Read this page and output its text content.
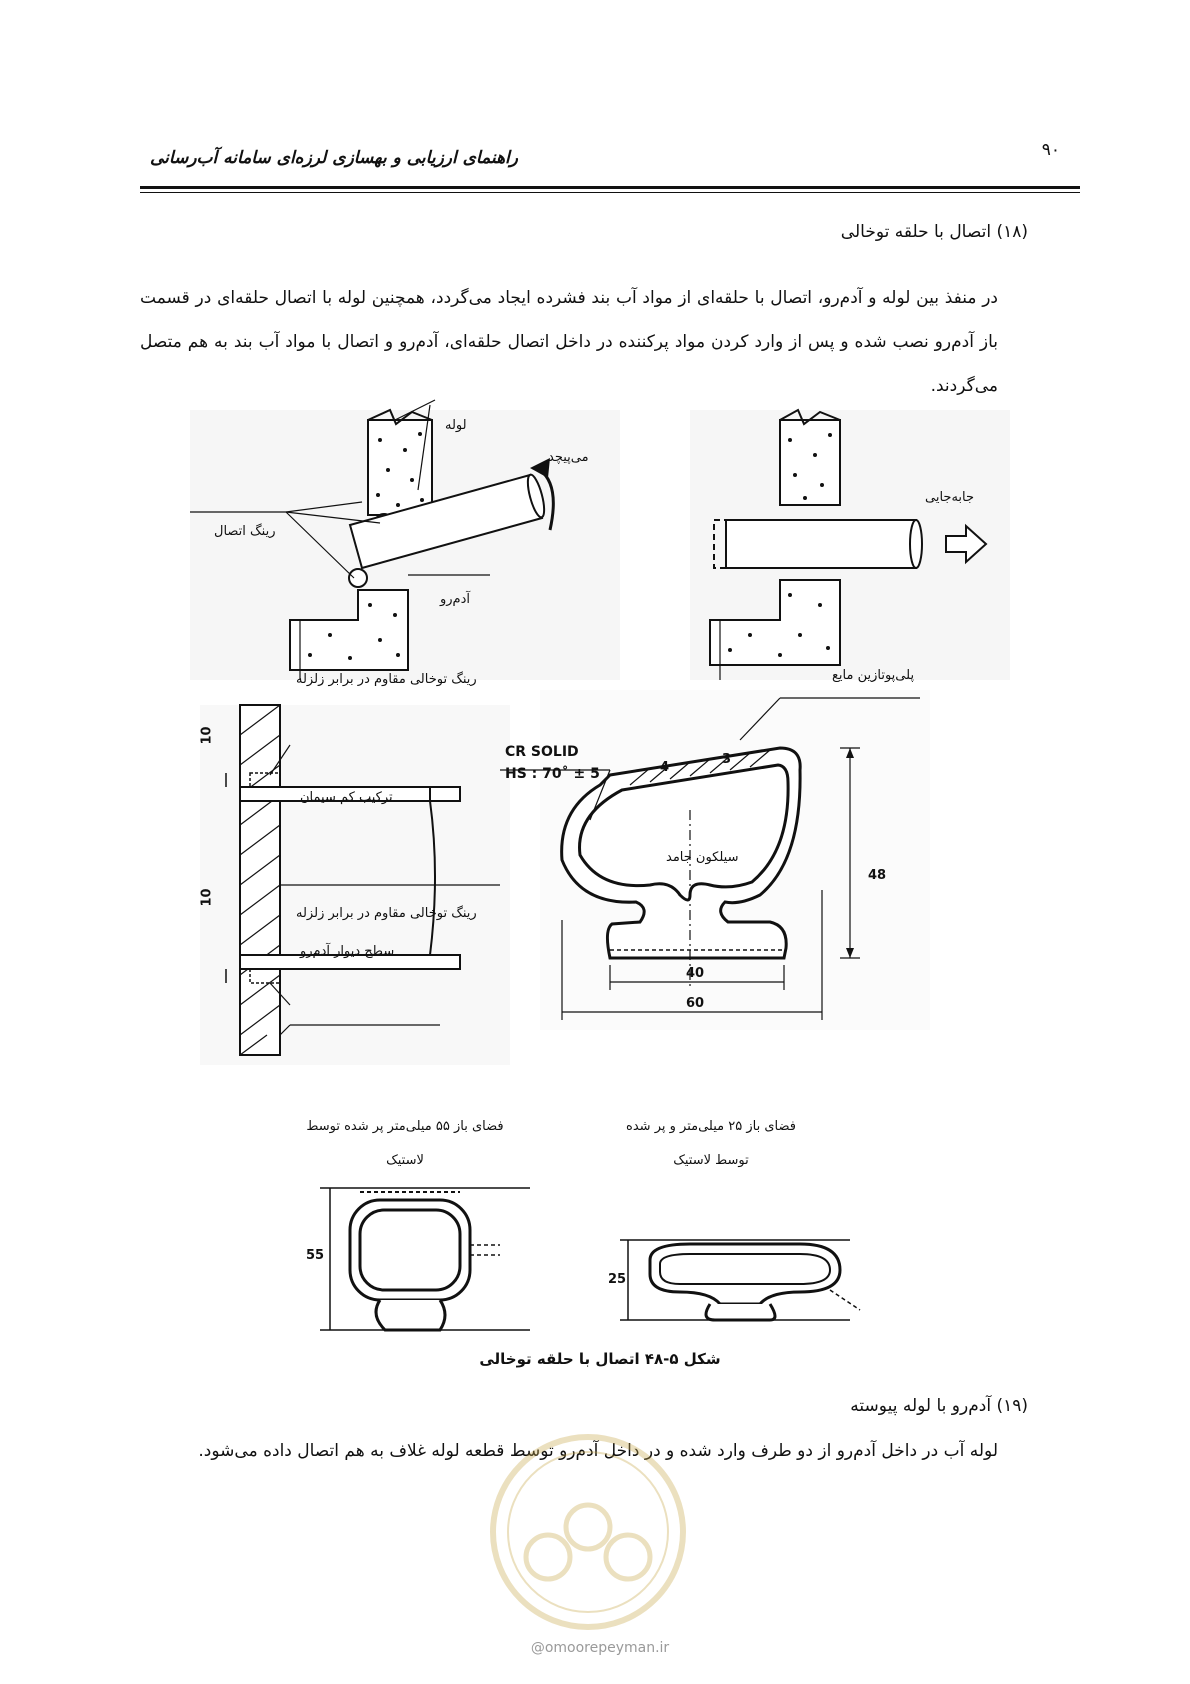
راهنمای ارزیابی و بهسازی لرزه‌ای سامانه آب‌رسانی	۹۰
(۱۸) اتصال با حلقه توخالی
در منفذ بین لوله و آدم‌رو، اتصال با حلقه‌ای از مواد آب بند فشرده ایجاد می‌گردد، همچنین لوله با اتصال حلقه‌ای در قسمت باز آدم‌رو نصب شده و پس از وارد کردن مواد پرکننده در داخل اتصال حلقه‌ای، آدم‌رو و اتصال با مواد آب بند به هم متصل می‌گردند.
لوله
می‌پیچد
رینگ اتصال
آدم‌رو
جابه‌جایی
رینگ توخالی مقاوم در برابر زلزله
ترکیب کم سیمان
رینگ توخالی مقاوم در برابر زلزله
سطح دیوار آدم‌رو
10
10
پلی‌پوتازین مایع
CR SOLID
HS : 70˚ ± 5
سیلکون جامد
4
3
48
40
60
فضای باز ۵۵ میلی‌متر پر شده توسط لاستیک
فضای باز ۲۵ میلی‌متر و پر شده توسط لاستیک
55
25
شکل ۵-۴۸ اتصال با حلقه توخالی
(۱۹) آدم‌رو با لوله پیوسته
لوله آب در داخل آدم‌رو از دو طرف وارد شده و در داخل آدم‌رو توسط قطعه لوله غلاف به هم اتصال داده می‌شود.
@omoorepeyman.ir
